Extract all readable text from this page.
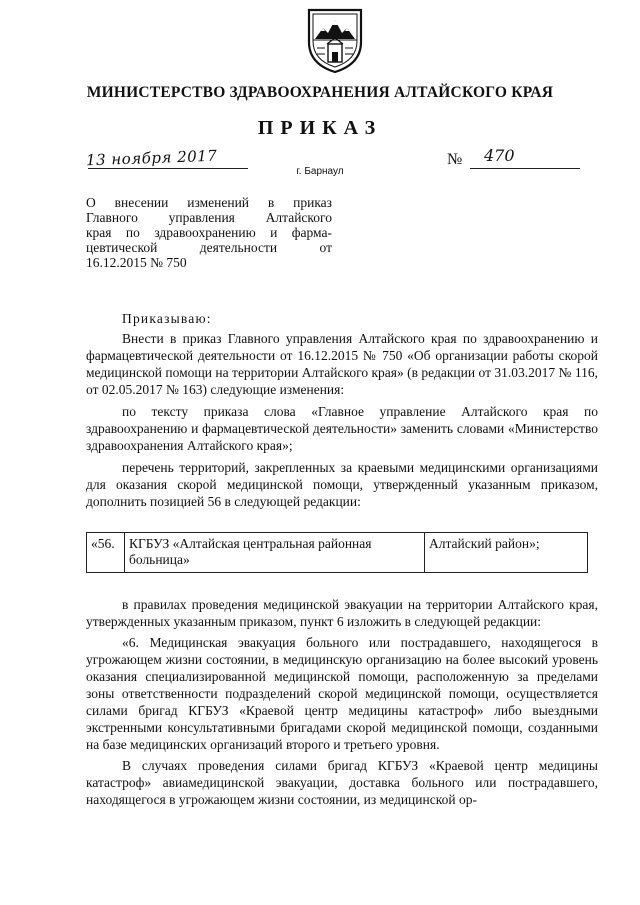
МИНИСТЕРСТВО ЗДРАВООХРАНЕНИЯ АЛТАЙСКОГО КРАЯ
ПРИКАЗ
13 ноября 2017
г. Барнаул
№ 470
О внесении изменений в приказ
Главного управления Алтайского
края по здравоохранению и фарма-
цевтической деятельности от
16.12.2015 № 750

Приказываю:

Внести в приказ Главного управления Алтайского края по здравоохранению и фармацевтической деятельности от 16.12.2015 № 750 «Об организации работы скорой медицинской помощи на территории Алтайского края» (в редакции от 31.03.2017 № 116, от 02.05.2017 № 163) следующие изменения:

по тексту приказа слова «Главное управление Алтайского края по здравоохранению и фармацевтической деятельности» заменить словами «Министерство здравоохранения Алтайского края»;

перечень территорий, закрепленных за краевыми медицинскими организациями для оказания скорой медицинской помощи, утвержденный указанным приказом, дополнить позицией 56 в следующей редакции:

«56.	КГБУЗ «Алтайская центральная районная больница»	Алтайский район»;

в правилах проведения медицинской эвакуации на территории Алтайского края, утвержденных указанным приказом, пункт 6 изложить в следующей редакции:

«6. Медицинская эвакуация больного или пострадавшего, находящегося в угрожающем жизни состоянии, в медицинскую организацию на более высокий уровень оказания специализированной медицинской помощи, расположенную за пределами зоны ответственности подразделений скорой медицинской помощи, осуществляется силами бригад КГБУЗ «Краевой центр медицины катастроф» либо выездными экстренными консультативными бригадами скорой медицинской помощи, созданными на базе медицинских организаций второго и третьего уровня.

В случаях проведения силами бригад КГБУЗ «Краевой центр медицины катастроф» авиамедицинской эвакуации, доставка больного или пострадавшего, находящегося в угрожающем жизни состоянии, из медицинской ор-
